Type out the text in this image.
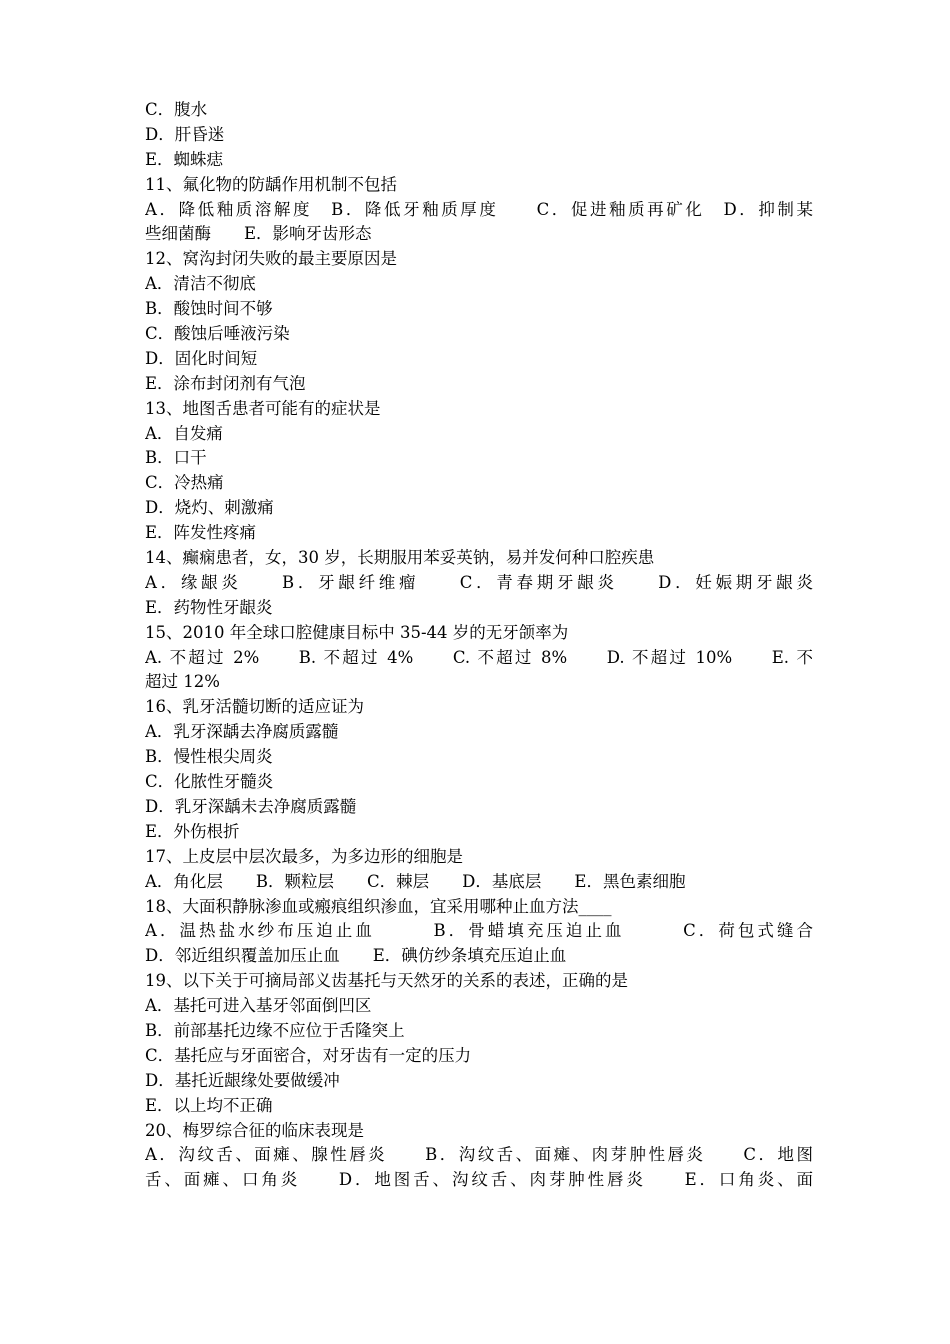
C．腹水
D．肝昏迷
E．蜘蛛痣
11、氟化物的防龋作用机制不包括
A．降低釉质溶解度　B．降低牙釉质厚度　　C．促进釉质再矿化　D．抑制某
些细菌酶　　E．影响牙齿形态
12、窝沟封闭失败的最主要原因是
A．清洁不彻底
B．酸蚀时间不够
C．酸蚀后唾液污染
D．固化时间短
E．涂布封闭剂有气泡
13、地图舌患者可能有的症状是
A．自发痛
B．口干
C．冷热痛
D．烧灼、刺激痛
E．阵发性疼痛
14、癫痫患者，女，30 岁，长期服用苯妥英钠，易并发何种口腔疾患
A．缘龈炎　　B．牙龈纤维瘤　　C．青春期牙龈炎　　D．妊娠期牙龈炎
E．药物性牙龈炎
15、2010 年全球口腔健康目标中 35-44 岁的无牙颌率为
A. 不超过 2%　　B. 不超过 4%　　C. 不超过 8%　　D. 不超过 10%　　E. 不
超过 12%
16、乳牙活髓切断的适应证为
A．乳牙深龋去净腐质露髓
B．慢性根尖周炎
C．化脓性牙髓炎
D．乳牙深龋未去净腐质露髓
E．外伤根折
17、上皮层中层次最多，为多边形的细胞是
A．角化层　　B．颗粒层　　C．棘层　　D．基底层　　E．黑色素细胞
18、大面积静脉渗血或瘢痕组织渗血，宜采用哪种止血方法____
A．温热盐水纱布压迫止血　　　B．骨蜡填充压迫止血　　　C．荷包式缝合
D．邻近组织覆盖加压止血　　E．碘仿纱条填充压迫止血
19、以下关于可摘局部义齿基托与天然牙的关系的表述，正确的是
A．基托可进入基牙邻面倒凹区
B．前部基托边缘不应位于舌隆突上
C．基托应与牙面密合，对牙齿有一定的压力
D．基托近龈缘处要做缓冲
E．以上均不正确
20、梅罗综合征的临床表现是
A．沟纹舌、面瘫、腺性唇炎　　B．沟纹舌、面瘫、肉芽肿性唇炎　　C．地图
舌、面瘫、口角炎　　D．地图舌、沟纹舌、肉芽肿性唇炎　　E．口角炎、面
